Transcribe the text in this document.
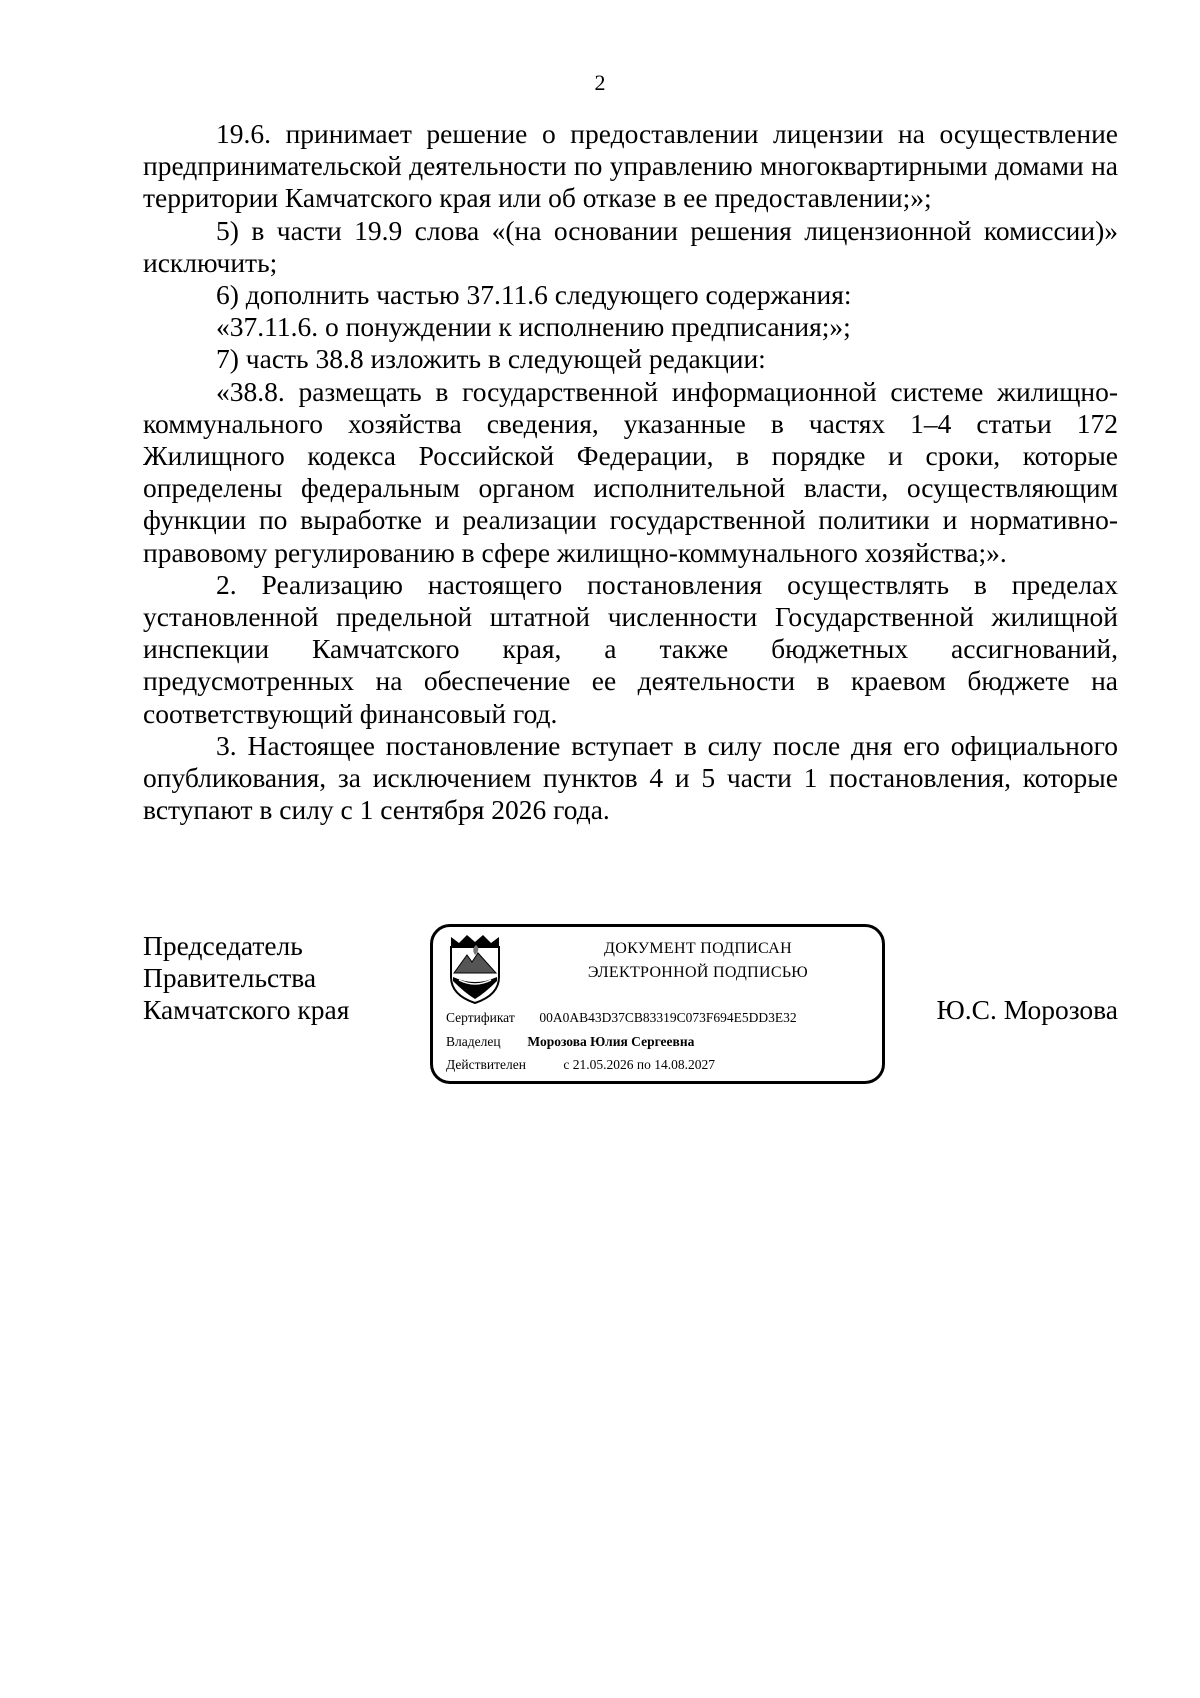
2

19.6. принимает решение о предоставлении лицензии на осуществление предпринимательской деятельности по управлению многоквартирными домами на территории Камчатского края или об отказе в ее предоставлении;»;

5) в части 19.9 слова «(на основании решения лицензионной комиссии)» исключить;

6) дополнить частью 37.11.6 следующего содержания:

«37.11.6. о понуждении к исполнению предписания;»;

7) часть 38.8 изложить в следующей редакции:

«38.8. размещать в государственной информационной системе жилищно-коммунального хозяйства сведения, указанные в частях 1–4 статьи 172 Жилищного кодекса Российской Федерации, в порядке и сроки, которые определены федеральным органом исполнительной власти, осуществляющим функции по выработке и реализации государственной политики и нормативно-правовому регулированию в сфере жилищно-коммунального хозяйства;».

2. Реализацию настоящего постановления осуществлять в пределах установленной предельной штатной численности Государственной жилищной инспекции Камчатского края, а также бюджетных ассигнований, предусмотренных на обеспечение ее деятельности в краевом бюджете на соответствующий финансовый год.

3. Настоящее постановление вступает в силу после дня его официального опубликования, за исключением пунктов 4 и 5 части 1 постановления, которые вступают в силу с 1 сентября 2026 года.

Председатель
Правительства
Камчатского края
ДОКУМЕНТ ПОДПИСАН
ЭЛЕКТРОННОЙ ПОДПИСЬЮ
Сертификат 00A0AB43D37CB83319C073F694E5DD3E32
Владелец Морозова Юлия Сергеевна
Действителен	с 21.05.2026 по 14.08.2027
Ю.С. Морозова
